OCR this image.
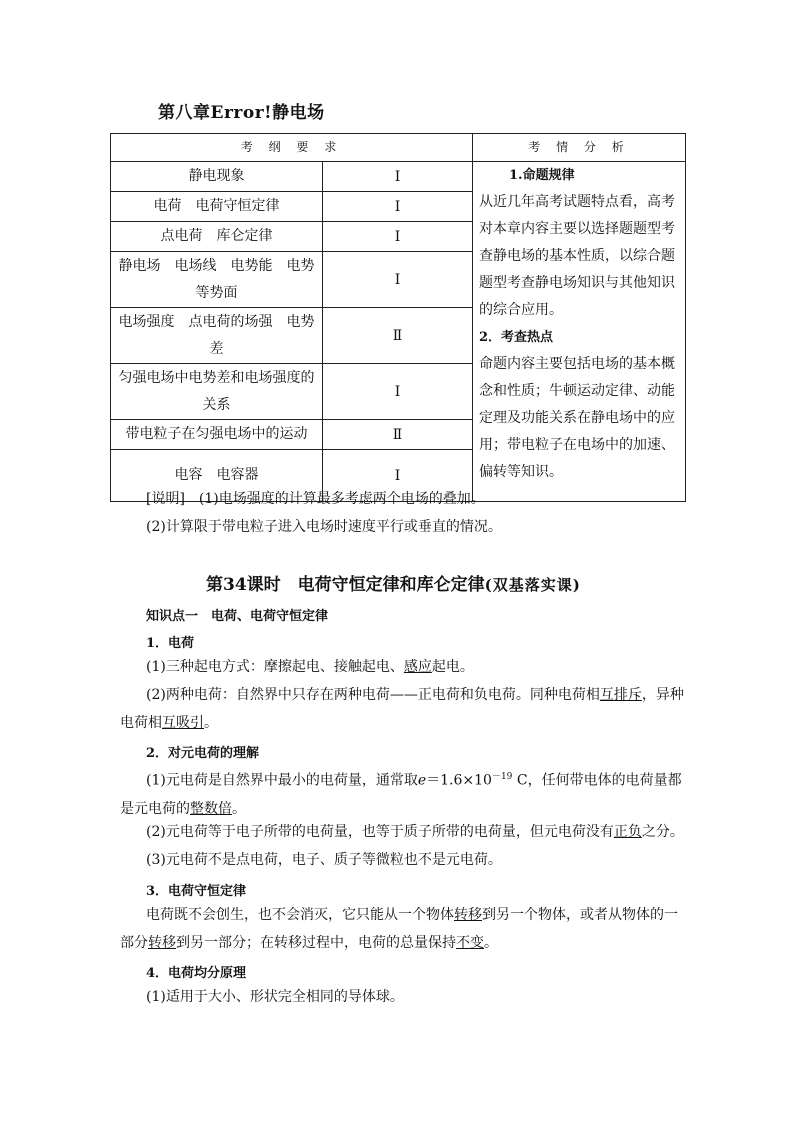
第八章Error!静电场
考 纲 要 求		考 情 分 析
静电现象	Ⅰ	1.命题规律
从近几年高考试题特点看，高考对本章内容主要以选择题题型考查静电场的基本性质，以综合题题型考查静电场知识与其他知识的综合应用。
2．考查热点
命题内容主要包括电场的基本概念和性质；牛顿运动定律、动能定理及功能关系在静电场中的应用；带电粒子在电场中的加速、偏转等知识。
电荷　电荷守恒定律	Ⅰ	
点电荷　库仑定律	Ⅰ	
静电场　电场线　电势能　电势等势面	Ⅰ	
电场强度　点电荷的场强　电势差	Ⅱ	
匀强电场中电势差和电场强度的关系	Ⅰ	
带电粒子在匀强电场中的运动	Ⅱ	
电容　电容器	Ⅰ	
[说明]　(1)电场强度的计算最多考虑两个电场的叠加。
(2)计算限于带电粒子进入电场时速度平行或垂直的情况。
第34课时　电荷守恒定律和库仑定律(双基落实课)
知识点一　电荷、电荷守恒定律
1．电荷
(1)三种起电方式：摩擦起电、接触起电、感应起电。
(2)两种电荷：自然界中只存在两种电荷——正电荷和负电荷。同种电荷相互排斥，异种电荷相互吸引。
2．对元电荷的理解
(1)元电荷是自然界中最小的电荷量，通常取$e=1.6\times 10^{-19}$ C，任何带电体的电荷量都是元电荷的整数倍。
(2)元电荷等于电子所带的电荷量，也等于质子所带的电荷量，但元电荷没有正负之分。
(3)元电荷不是点电荷，电子、质子等微粒也不是元电荷。
3．电荷守恒定律
电荷既不会创生，也不会消灭，它只能从一个物体转移到另一个物体，或者从物体的一部分转移到另一部分；在转移过程中，电荷的总量保持不变。
4．电荷均分原理
(1)适用于大小、形状完全相同的导体球。
